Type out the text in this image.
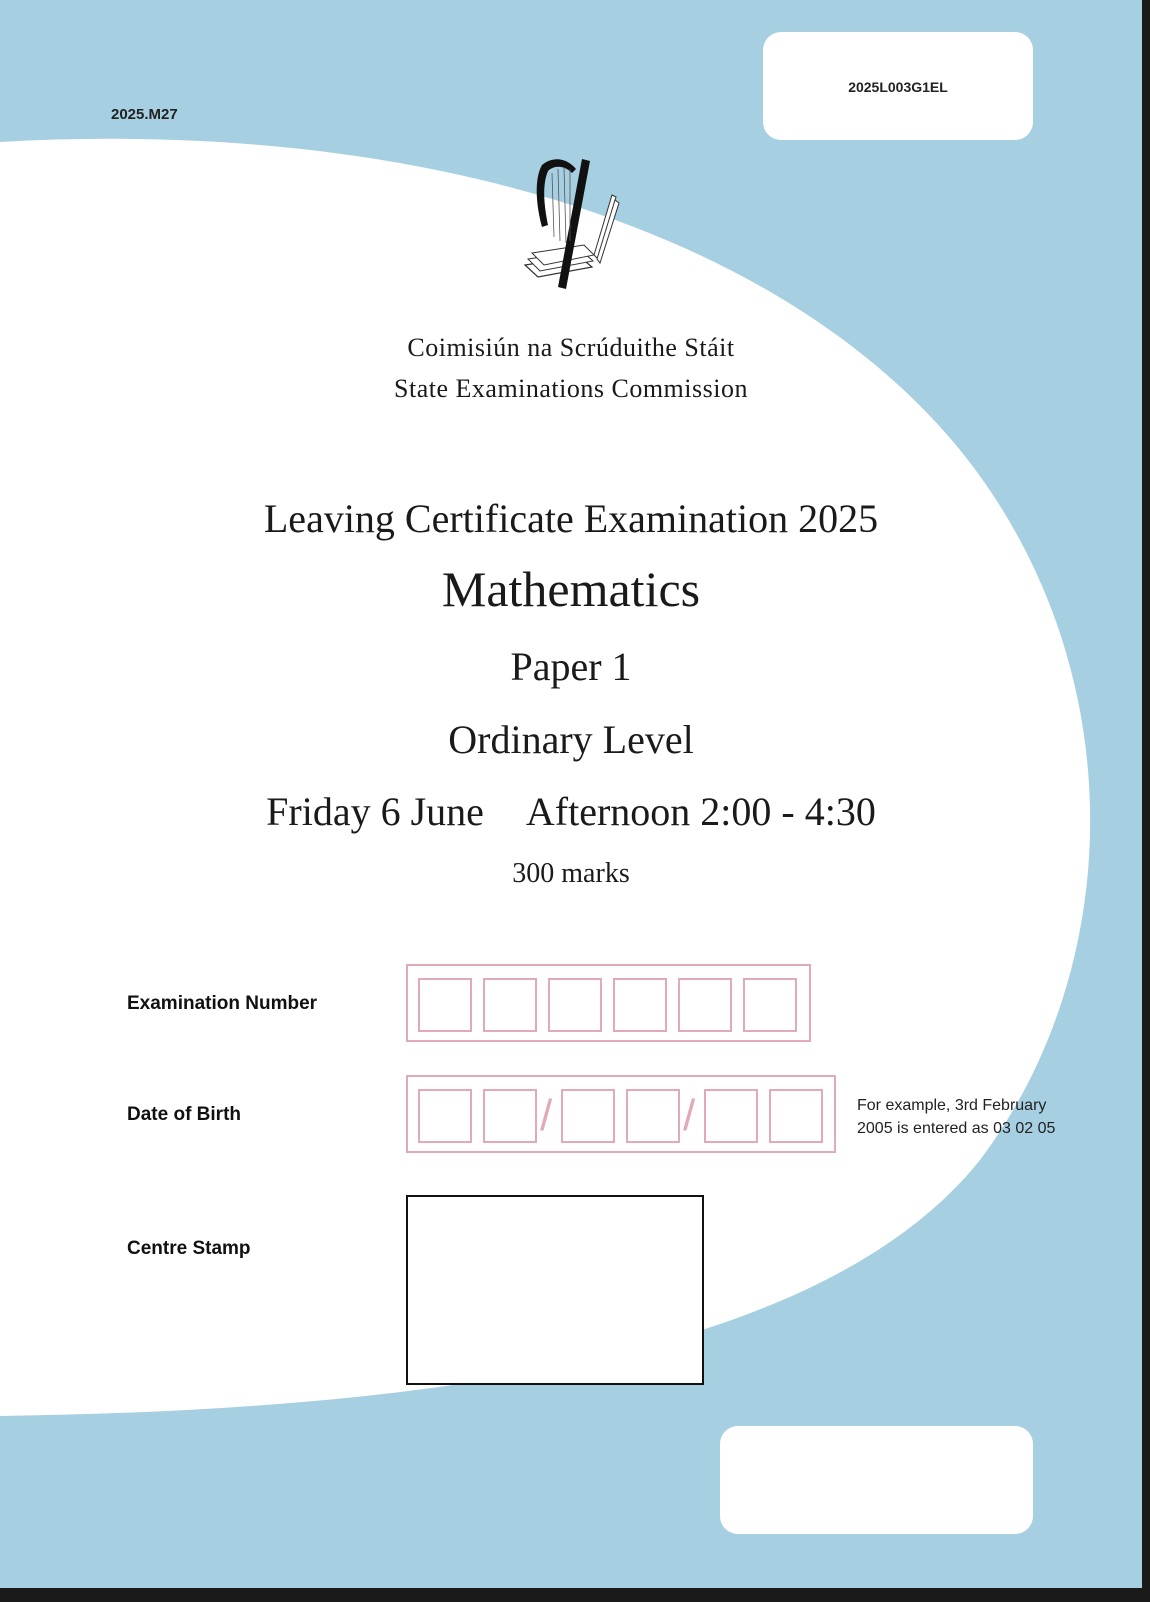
2025.M27
2025L003G1EL
Coimisiún na Scrúduithe Stáit
State Examinations Commission
Leaving Certificate Examination 2025
Mathematics
Paper 1
Ordinary Level
Friday 6 June Afternoon 2:00 - 4:30
300 marks
Examination Number
Date of Birth	/	/	For example, 3rd February
2005 is entered as 03 02 05
Centre Stamp
